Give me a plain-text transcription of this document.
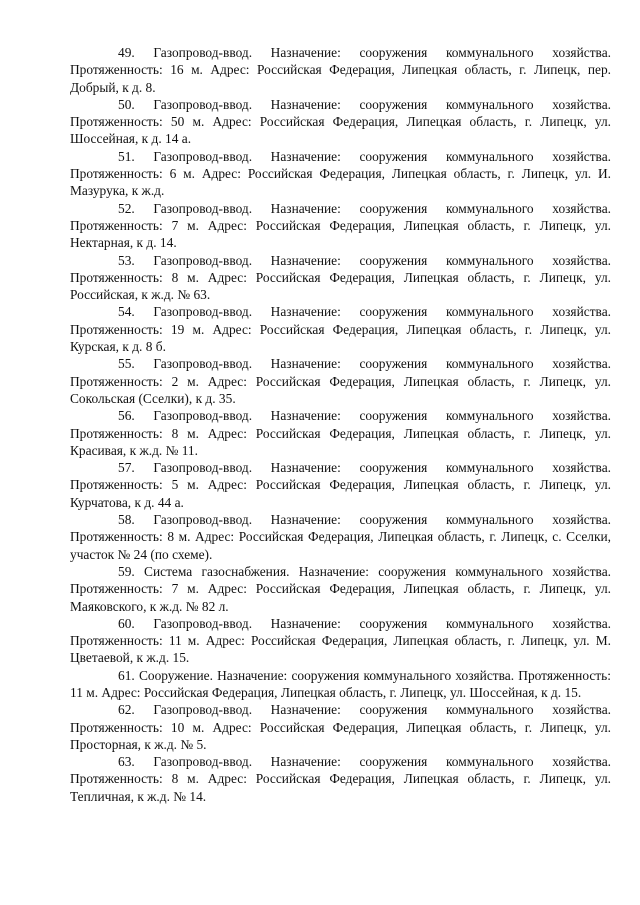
49. Газопровод-ввод. Назначение: сооружения коммунального хозяйства. Протяженность: 16 м. Адрес: Российская Федерация, Липецкая область, г. Липецк, пер. Добрый, к д. 8.

50. Газопровод-ввод. Назначение: сооружения коммунального хозяйства. Протяженность: 50 м. Адрес: Российская Федерация, Липецкая область, г. Липецк, ул. Шоссейная, к д. 14 а.

51. Газопровод-ввод. Назначение: сооружения коммунального хозяйства. Протяженность: 6 м. Адрес: Российская Федерация, Липецкая область, г. Липецк, ул. И. Мазурука, к ж.д.

52. Газопровод-ввод. Назначение: сооружения коммунального хозяйства. Протяженность: 7 м. Адрес: Российская Федерация, Липецкая область, г. Липецк, ул. Нектарная, к д. 14.

53. Газопровод-ввод. Назначение: сооружения коммунального хозяйства. Протяженность: 8 м. Адрес: Российская Федерация, Липецкая область, г. Липецк, ул. Российская, к ж.д. № 63.

54. Газопровод-ввод. Назначение: сооружения коммунального хозяйства. Протяженность: 19 м. Адрес: Российская Федерация, Липецкая область, г. Липецк, ул. Курская, к д. 8 б.

55. Газопровод-ввод. Назначение: сооружения коммунального хозяйства. Протяженность: 2 м. Адрес: Российская Федерация, Липецкая область, г. Липецк, ул. Сокольская (Сселки), к д. 35.

56. Газопровод-ввод. Назначение: сооружения коммунального хозяйства. Протяженность: 8 м. Адрес: Российская Федерация, Липецкая область, г. Липецк, ул. Красивая, к ж.д. № 11.

57. Газопровод-ввод. Назначение: сооружения коммунального хозяйства. Протяженность: 5 м. Адрес: Российская Федерация, Липецкая область, г. Липецк, ул. Курчатова, к д. 44 а.

58. Газопровод-ввод. Назначение: сооружения коммунального хозяйства. Протяженность: 8 м. Адрес: Российская Федерация, Липецкая область, г. Липецк, с. Сселки, участок № 24 (по схеме).

59. Система газоснабжения. Назначение: сооружения коммунального хозяйства. Протяженность: 7 м. Адрес: Российская Федерация, Липецкая область, г. Липецк, ул. Маяковского, к ж.д. № 82 л.

60. Газопровод-ввод. Назначение: сооружения коммунального хозяйства. Протяженность: 11 м. Адрес: Российская Федерация, Липецкая область, г. Липецк, ул. М. Цветаевой, к ж.д. 15.

61. Сооружение. Назначение: сооружения коммунального хозяйства. Протяженность: 11 м. Адрес: Российская Федерация, Липецкая область, г. Липецк, ул. Шоссейная, к д. 15.

62. Газопровод-ввод. Назначение: сооружения коммунального хозяйства. Протяженность: 10 м. Адрес: Российская Федерация, Липецкая область, г. Липецк, ул. Просторная, к ж.д. № 5.

63. Газопровод-ввод. Назначение: сооружения коммунального хозяйства. Протяженность: 8 м. Адрес: Российская Федерация, Липецкая область, г. Липецк, ул. Тепличная, к ж.д. № 14.
